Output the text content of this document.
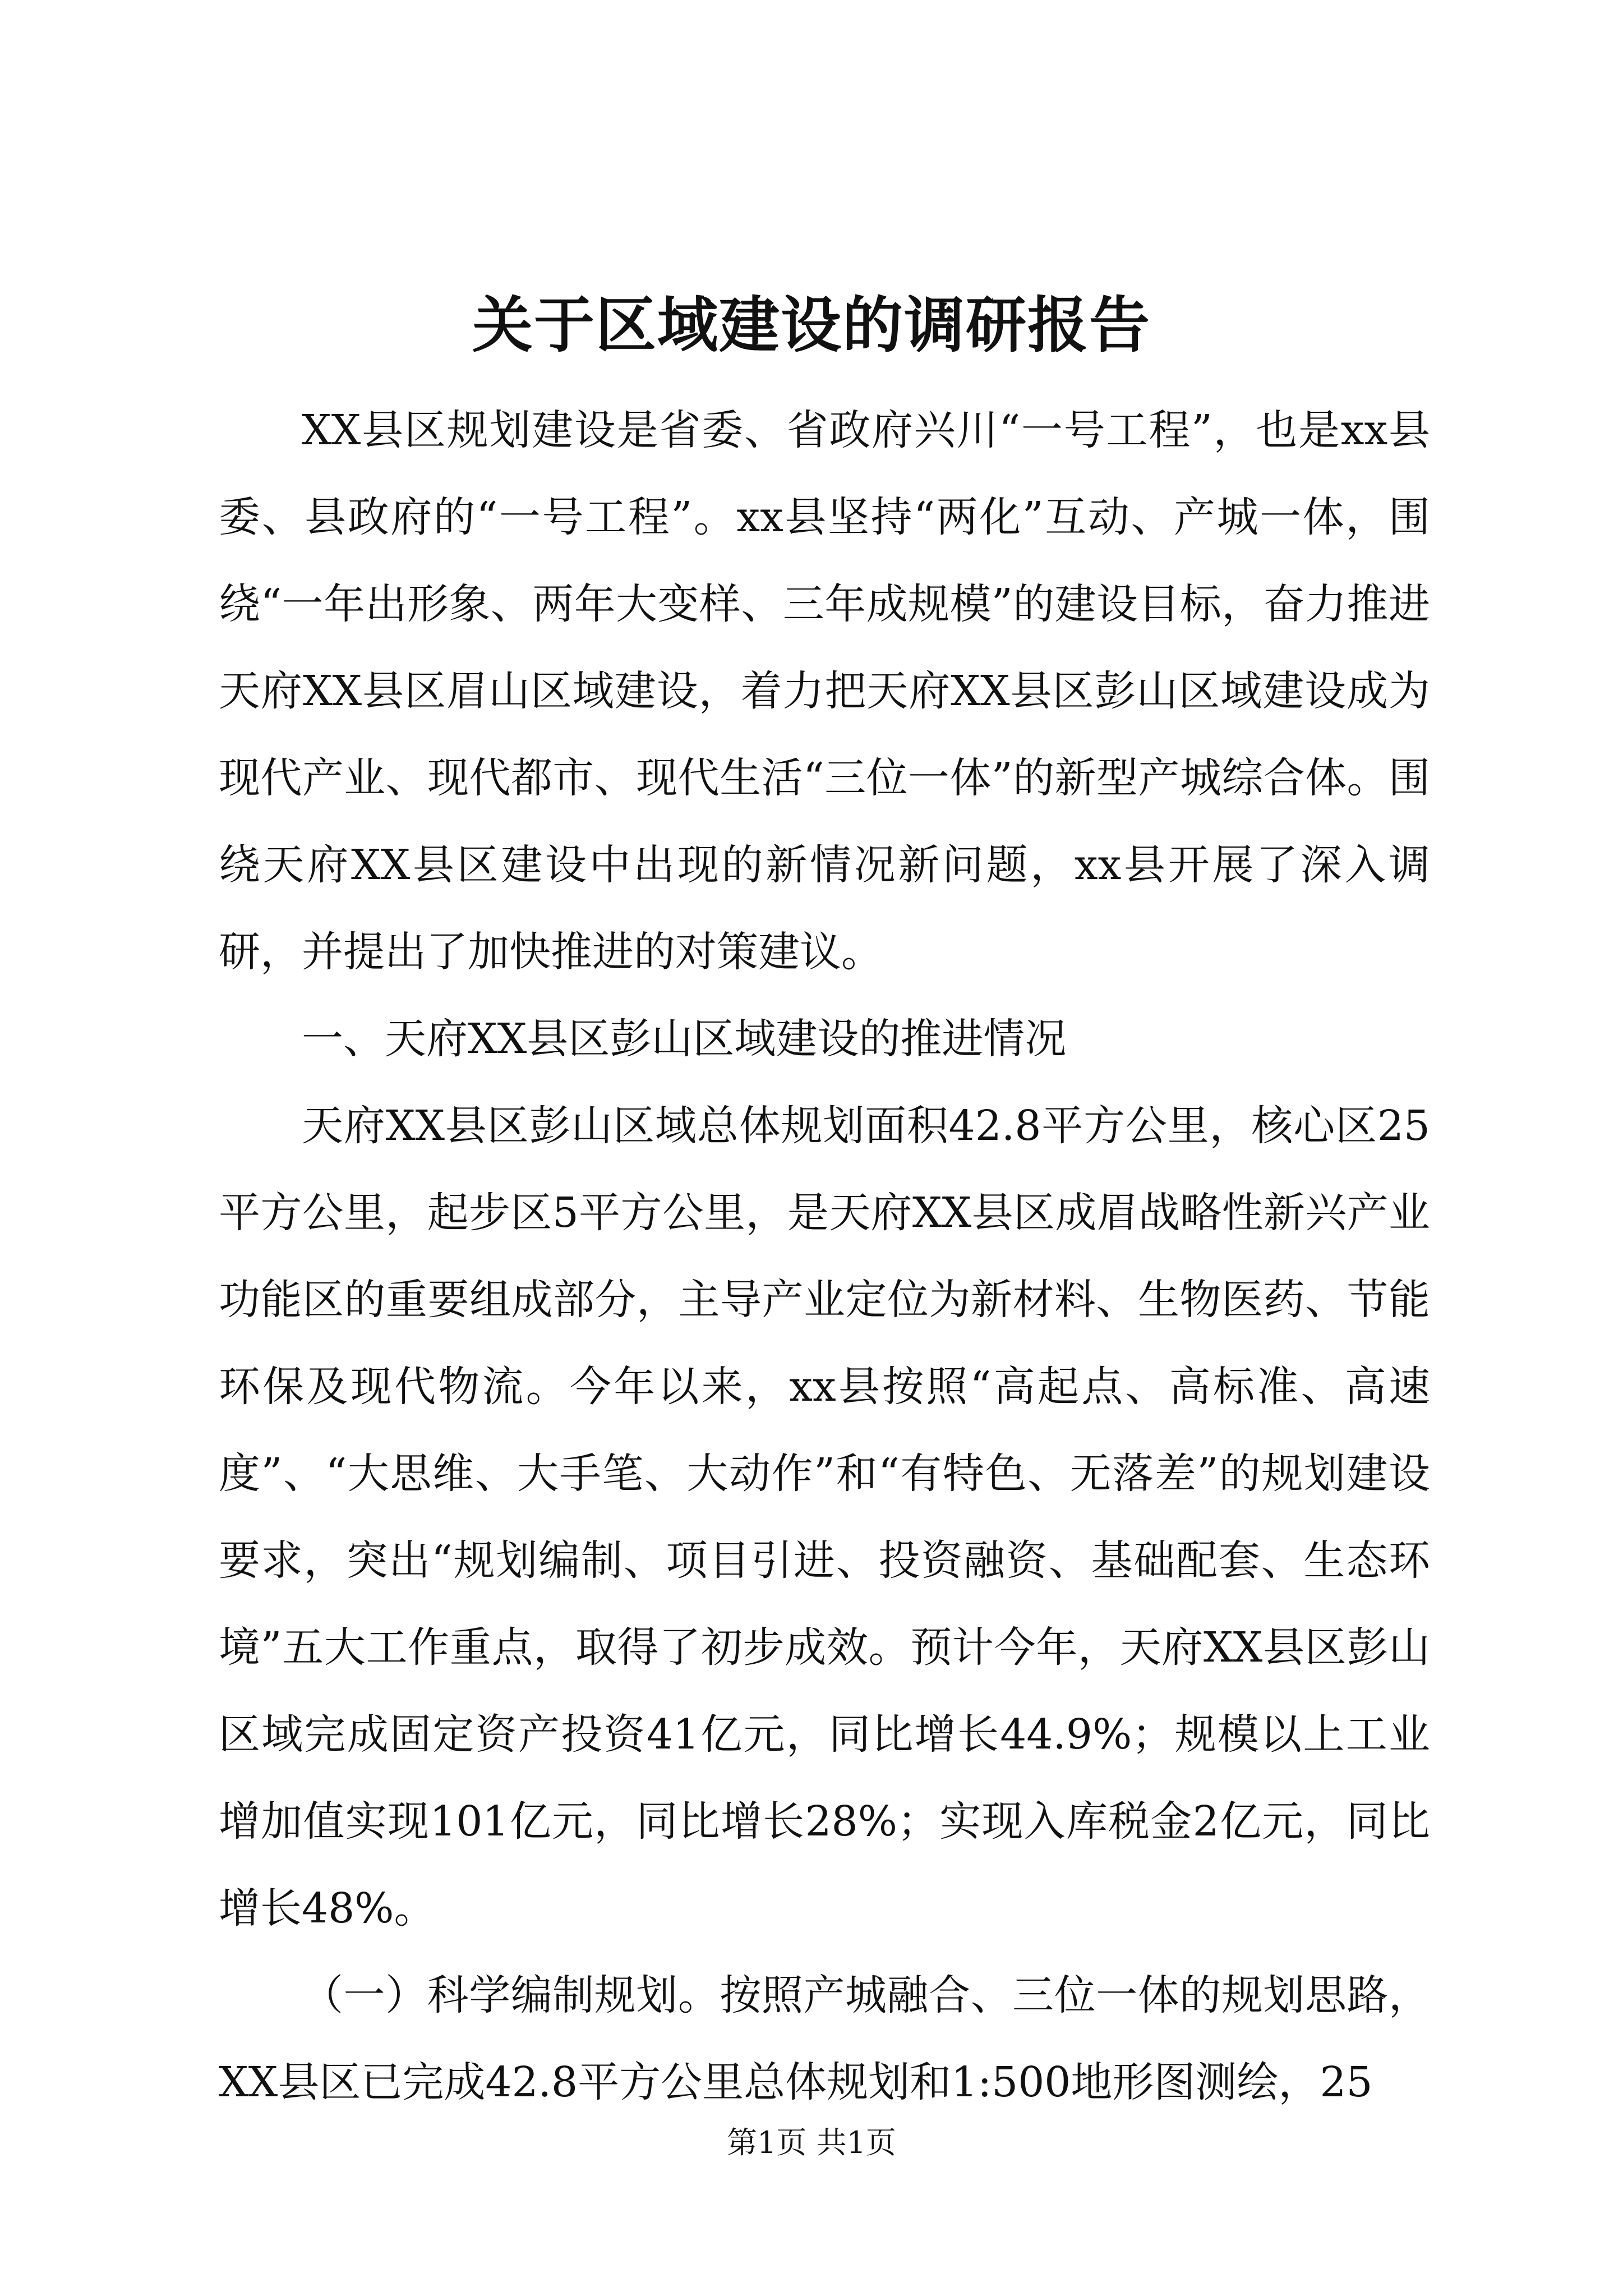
关于区域建设的调研报告

XX县区规划建设是省委、省政府兴川“一号工程”，也是xx县委、县政府的“一号工程”。xx县坚持“两化”互动、产城一体，围绕“一年出形象、两年大变样、三年成规模”的建设目标，奋力推进天府XX县区眉山区域建设，着力把天府XX县区彭山区域建设成为现代产业、现代都市、现代生活“三位一体”的新型产城综合体。围绕天府XX县区建设中出现的新情况新问题，xx县开展了深入调研，并提出了加快推进的对策建议。

一、天府XX县区彭山区域建设的推进情况

天府XX县区彭山区域总体规划面积42.8平方公里，核心区25平方公里，起步区5平方公里，是天府XX县区成眉战略性新兴产业功能区的重要组成部分，主导产业定位为新材料、生物医药、节能环保及现代物流。今年以来，xx县按照“高起点、高标准、高速度”、“大思维、大手笔、大动作”和“有特色、无落差”的规划建设要求，突出“规划编制、项目引进、投资融资、基础配套、生态环境”五大工作重点，取得了初步成效。预计今年，天府XX县区彭山区域完成固定资产投资41亿元，同比增长44.9%；规模以上工业增加值实现101亿元，同比增长28%；实现入库税金2亿元，同比增长48%。

（一）科学编制规划。按照产城融合、三位一体的规划思路，XX县区已完成42.8平方公里总体规划和1:500地形图测绘，25

第1页 共1页
